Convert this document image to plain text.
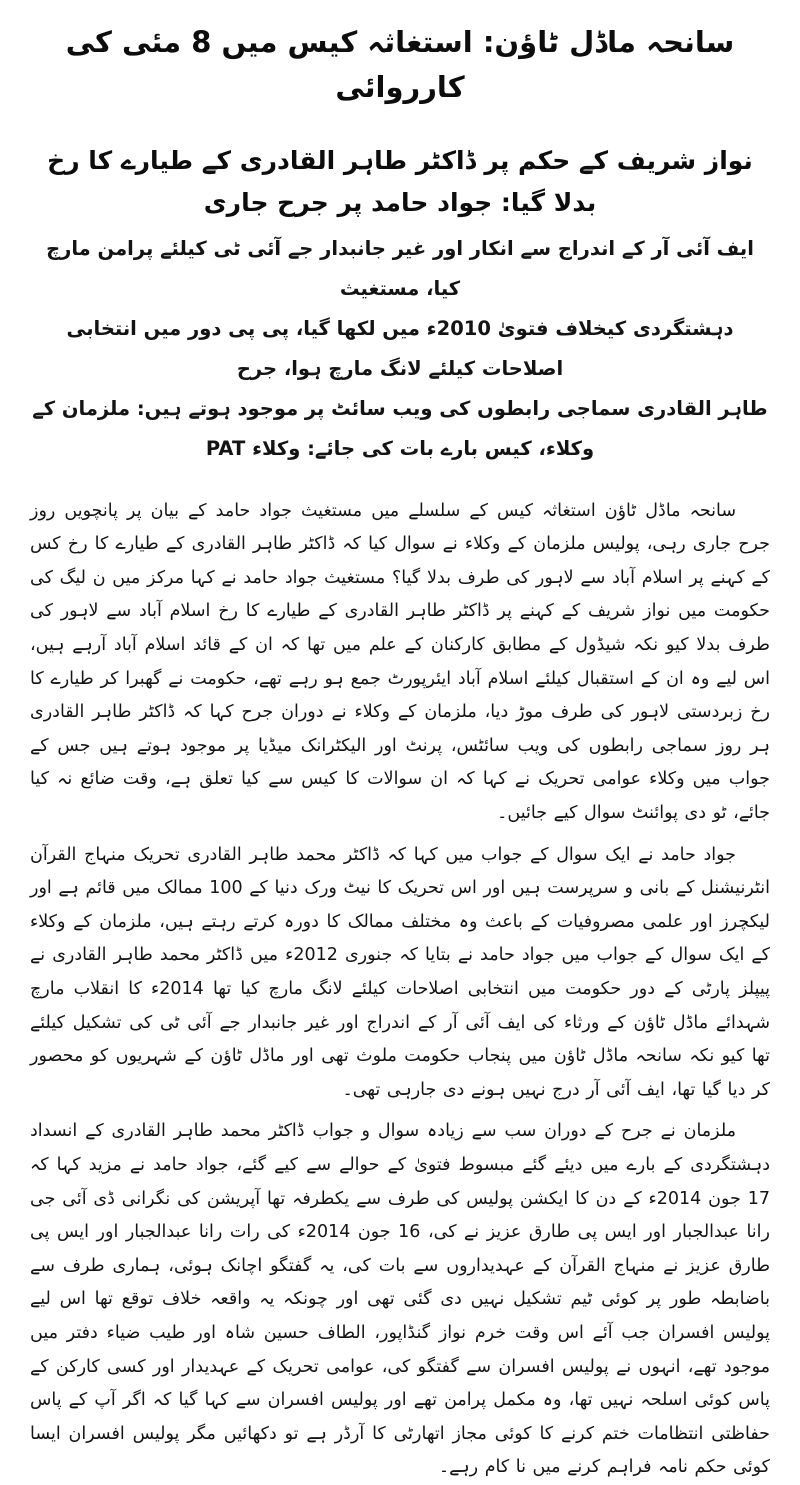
سانحہ ماڈل ٹاؤن: استغاثہ کیس میں 8 مئی کی کارروائی
نواز شریف کے حکم پر ڈاکٹر طاہر القادری کے طیارے کا رخ بدلا گیا: جواد حامد پر جرح جاری

ایف آئی آر کے اندراج سے انکار اور غیر جانبدار جے آئی ٹی کیلئے پرامن مارچ کیا، مستغیث

دہشتگردی کیخلاف فتویٰ 2010ء میں لکھا گیا، پی پی دور میں انتخابی اصلاحات کیلئے لانگ مارچ ہوا، جرح

طاہر القادری سماجی رابطوں کی ویب سائٹ پر موجود ہوتے ہیں: ملزمان کے وکلاء، کیس بارے بات کی جائے: وکلاء PAT

سانحہ ماڈل ٹاؤن استغاثہ کیس کے سلسلے میں مستغیث جواد حامد کے بیان پر پانچویں روز جرح جاری رہی، پولیس ملزمان کے وکلاء نے سوال کیا کہ ڈاکٹر طاہر القادری کے طیارے کا رخ کس کے کہنے پر اسلام آباد سے لاہور کی طرف بدلا گیا؟ مستغیث جواد حامد نے کہا مرکز میں ن لیگ کی حکومت میں نواز شریف کے کہنے پر ڈاکٹر طاہر القادری کے طیارے کا رخ اسلام آباد سے لاہور کی طرف بدلا کیو نکہ شیڈول کے مطابق کارکنان کے علم میں تھا کہ ان کے قائد اسلام آباد آرہے ہیں، اس لیے وہ ان کے استقبال کیلئے اسلام آباد ایئرپورٹ جمع ہو رہے تھے، حکومت نے گھبرا کر طیارے کا رخ زبردستی لاہور کی طرف موڑ دیا، ملزمان کے وکلاء نے دوران جرح کہا کہ ڈاکٹر طاہر القادری ہر روز سماجی رابطوں کی ویب سائٹس، پرنٹ اور الیکٹرانک میڈیا پر موجود ہوتے ہیں جس کے جواب میں وکلاء عوامی تحریک نے کہا کہ ان سوالات کا کیس سے کیا تعلق ہے، وقت ضائع نہ کیا جائے، ٹو دی پوائنٹ سوال کیے جائیں۔

جواد حامد نے ایک سوال کے جواب میں کہا کہ ڈاکٹر محمد طاہر القادری تحریک منہاج القرآن انٹرنیشنل کے بانی و سرپرست ہیں اور اس تحریک کا نیٹ ورک دنیا کے 100 ممالک میں قائم ہے اور لیکچرز اور علمی مصروفیات کے باعث وہ مختلف ممالک کا دورہ کرتے رہتے ہیں، ملزمان کے وکلاء کے ایک سوال کے جواب میں جواد حامد نے بتایا کہ جنوری 2012ء میں ڈاکٹر محمد طاہر القادری نے پیپلز پارٹی کے دور حکومت میں انتخابی اصلاحات کیلئے لانگ مارچ کیا تھا 2014ء کا انقلاب مارچ شہدائے ماڈل ٹاؤن کے ورثاء کی ایف آئی آر کے اندراج اور غیر جانبدار جے آئی ٹی کی تشکیل کیلئے تھا کیو نکہ سانحہ ماڈل ٹاؤن میں پنجاب حکومت ملوث تھی اور ماڈل ٹاؤن کے شہریوں کو محصور کر دیا گیا تھا، ایف آئی آر درج نہیں ہونے دی جارہی تھی۔

ملزمان نے جرح کے دوران سب سے زیادہ سوال و جواب ڈاکٹر محمد طاہر القادری کے انسداد دہشتگردی کے بارے میں دیئے گئے مبسوط فتویٰ کے حوالے سے کیے گئے، جواد حامد نے مزید کہا کہ 17 جون 2014ء کے دن کا ایکشن پولیس کی طرف سے یکطرفہ تھا آپریشن کی نگرانی ڈی آئی جی رانا عبدالجبار اور ایس پی طارق عزیز نے کی، 16 جون 2014ء کی رات رانا عبدالجبار اور ایس پی طارق عزیز نے منہاج القرآن کے عہدیداروں سے بات کی، یہ گفتگو اچانک ہوئی، ہماری طرف سے باضابطہ طور پر کوئی ٹیم تشکیل نہیں دی گئی تھی اور چونکہ یہ واقعہ خلاف توقع تھا اس لیے پولیس افسران جب آئے اس وقت خرم نواز گنڈاپور، الطاف حسین شاہ اور طیب ضیاء دفتر میں موجود تھے، انہوں نے پولیس افسران سے گفتگو کی، عوامی تحریک کے عہدیدار اور کسی کارکن کے پاس کوئی اسلحہ نہیں تھا، وہ مکمل پرامن تھے اور پولیس افسران سے کہا گیا کہ اگر آپ کے پاس حفاظتی انتظامات ختم کرنے کا کوئی مجاز اتھارٹی کا آرڈر ہے تو دکھائیں مگر پولیس افسران ایسا کوئی حکم نامہ فراہم کرنے میں نا کام رہے۔
